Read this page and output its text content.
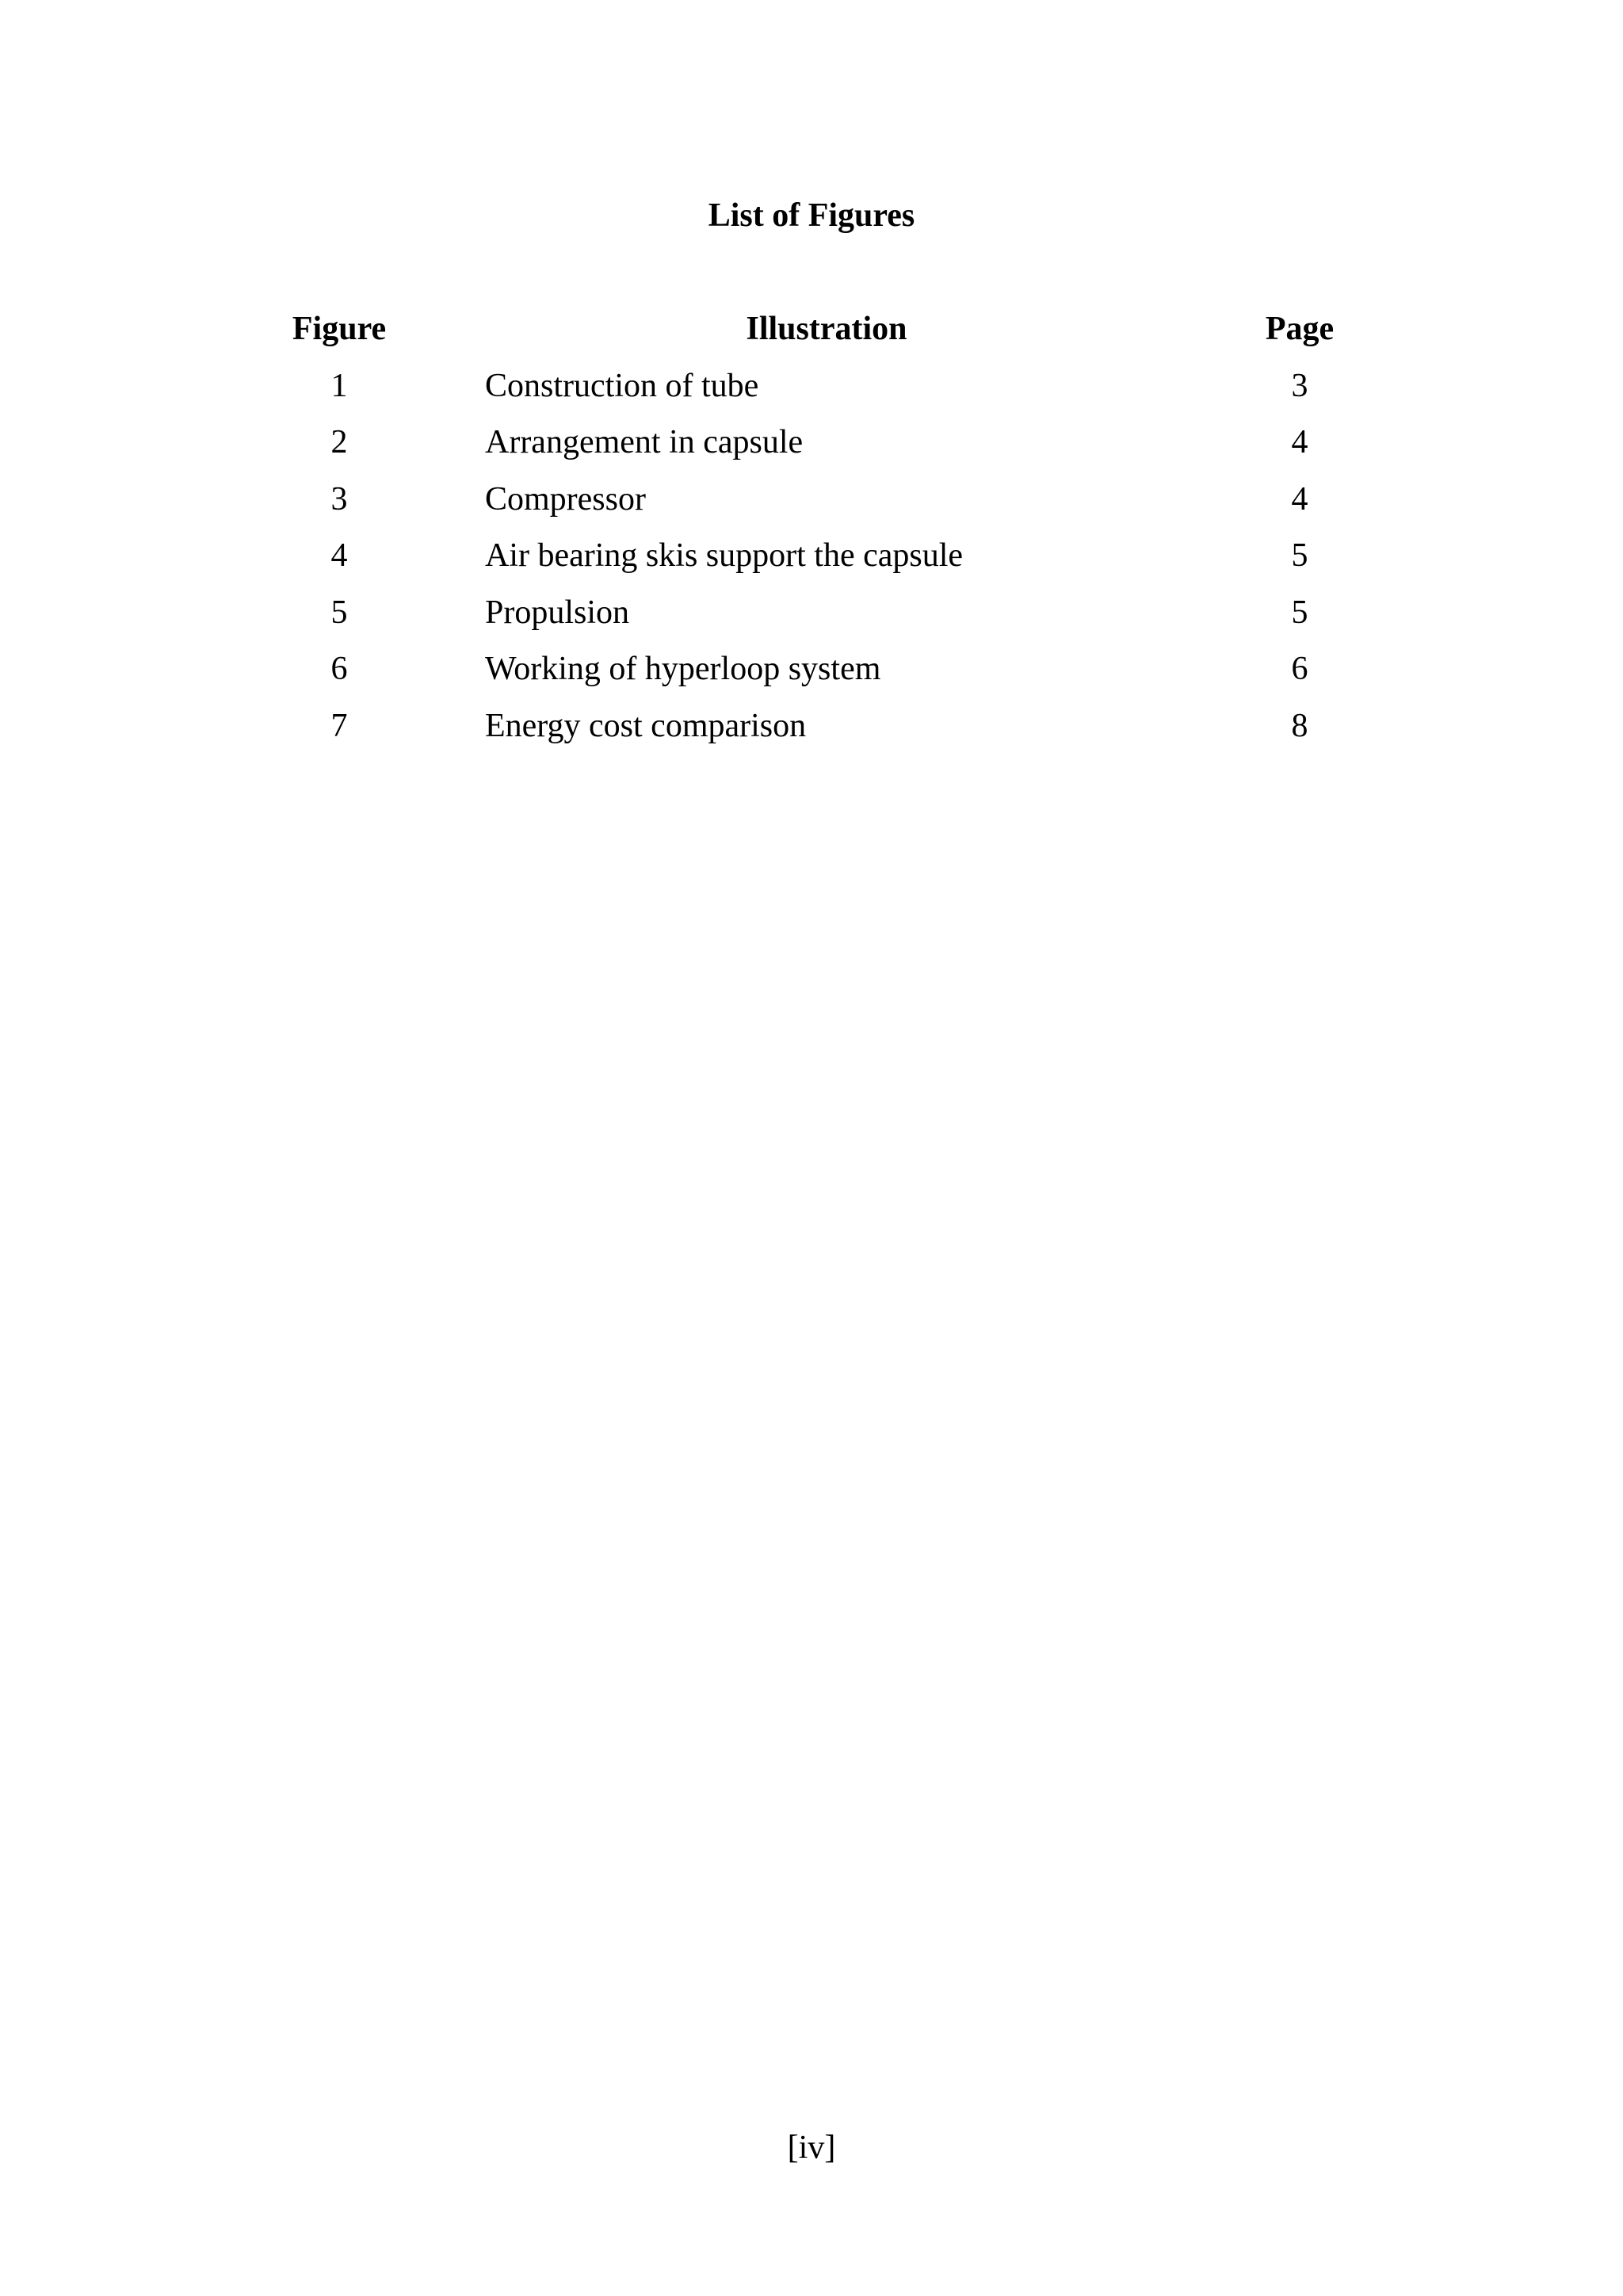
List of Figures
Figure	Illustration	Page
1	Construction of tube	3
2	Arrangement in capsule	4
3	Compressor	4
4	Air bearing skis support the capsule	5
5	Propulsion	5
6	Working of hyperloop system	6
7	Energy cost comparison	8
[iv]
